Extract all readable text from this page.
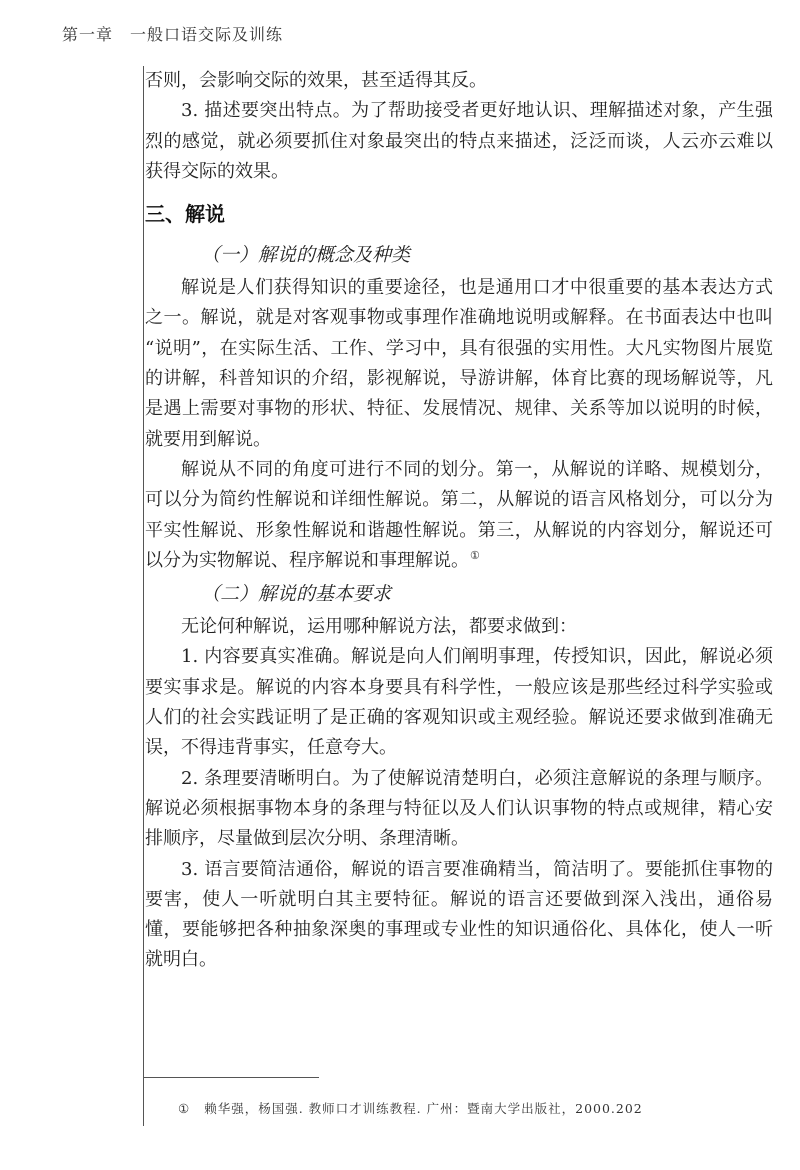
第一章　一般口语交际及训练

否则，会影响交际的效果，甚至适得其反。

3. 描述要突出特点。为了帮助接受者更好地认识、理解描述对象，产生强烈的感觉，就必须要抓住对象最突出的特点来描述，泛泛而谈，人云亦云难以获得交际的效果。

三、解说
（一）解说的概念及种类

解说是人们获得知识的重要途径，也是通用口才中很重要的基本表达方式之一。解说，就是对客观事物或事理作准确地说明或解释。在书面表达中也叫 “说明”，在实际生活、工作、学习中，具有很强的实用性。大凡实物图片展览的讲解，科普知识的介绍，影视解说，导游讲解，体育比赛的现场解说等，凡是遇上需要对事物的形状、特征、发展情况、规律、关系等加以说明的时候，就要用到解说。

解说从不同的角度可进行不同的划分。第一，从解说的详略、规模划分，可以分为简约性解说和详细性解说。第二，从解说的语言风格划分，可以分为平实性解说、形象性解说和谐趣性解说。第三，从解说的内容划分，解说还可以分为实物解说、程序解说和事理解说。①

（二）解说的基本要求

无论何种解说，运用哪种解说方法，都要求做到：

1. 内容要真实准确。解说是向人们阐明事理，传授知识，因此，解说必须要实事求是。解说的内容本身要具有科学性，一般应该是那些经过科学实验或人们的社会实践证明了是正确的客观知识或主观经验。解说还要求做到准确无误，不得违背事实，任意夸大。

2. 条理要清晰明白。为了使解说清楚明白，必须注意解说的条理与顺序。解说必须根据事物本身的条理与特征以及人们认识事物的特点或规律，精心安排顺序，尽量做到层次分明、条理清晰。

3. 语言要简洁通俗，解说的语言要准确精当，简洁明了。要能抓住事物的要害，使人一听就明白其主要特征。解说的语言还要做到深入浅出，通俗易懂，要能够把各种抽象深奥的事理或专业性的知识通俗化、具体化，使人一听就明白。

① 赖华强，杨国强. 教师口才训练教程. 广州：暨南大学出版社，2000.202
